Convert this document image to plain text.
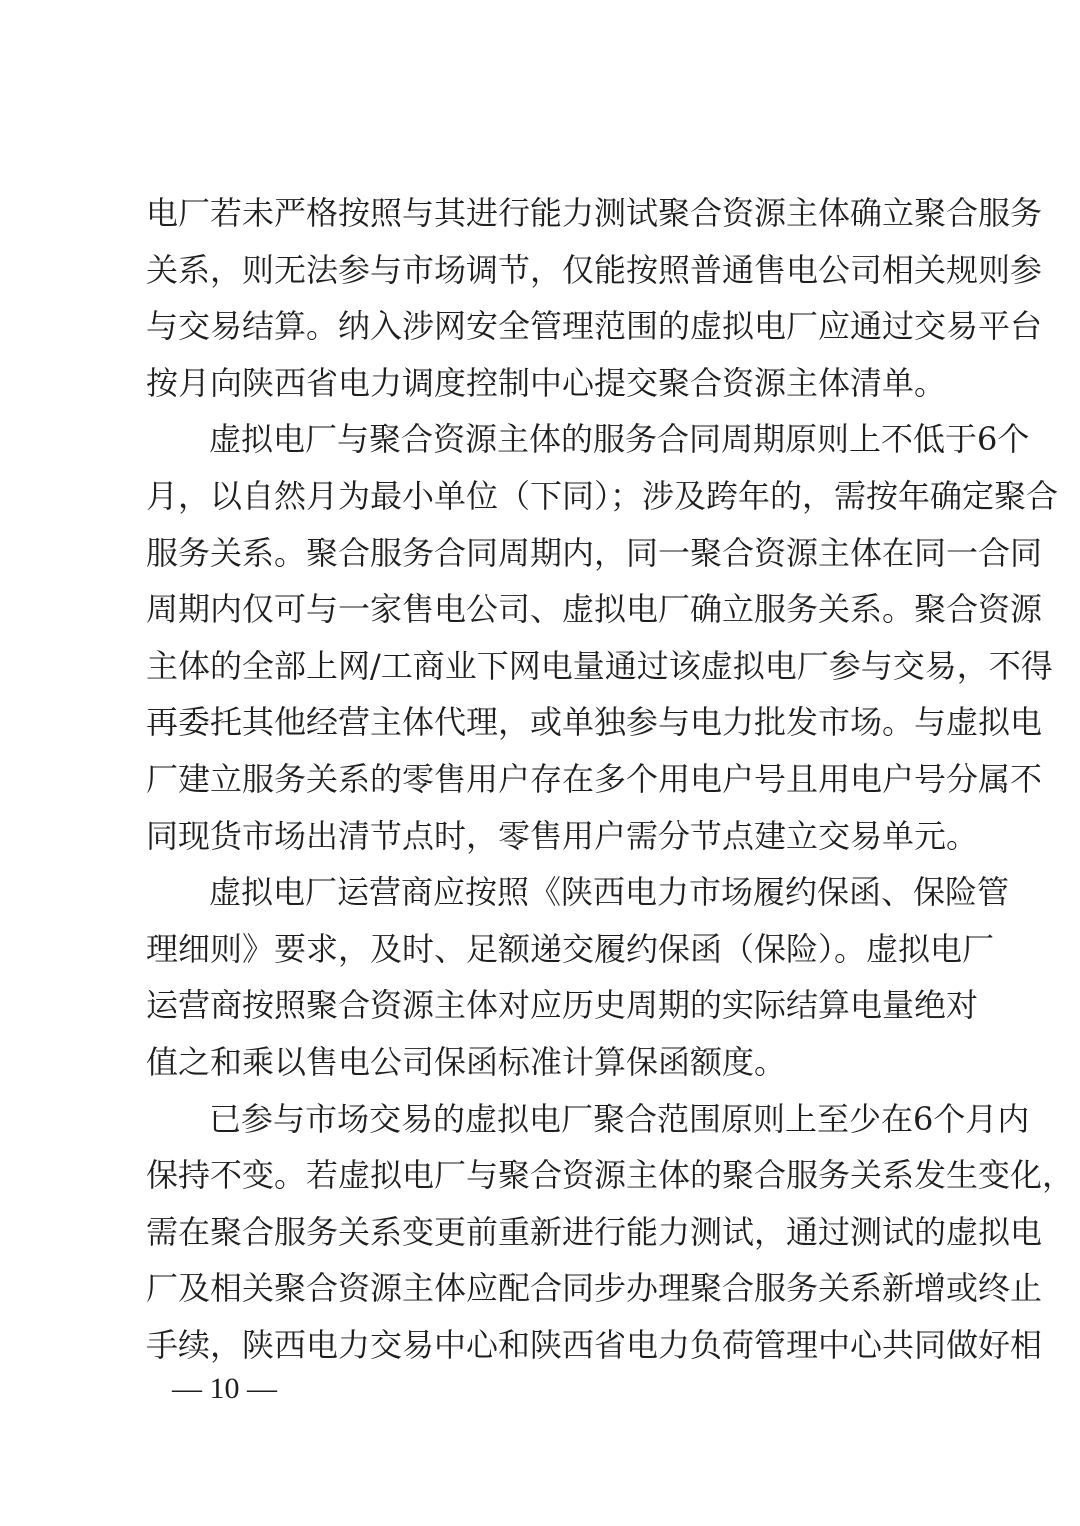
电厂若未严格按照与其进行能力测试聚合资源主体确立聚合服务
关系，则无法参与市场调节，仅能按照普通售电公司相关规则参
与交易结算。纳入涉网安全管理范围的虚拟电厂应通过交易平台
按月向陕西省电力调度控制中心提交聚合资源主体清单。
虚拟电厂与聚合资源主体的服务合同周期原则上不低于6个
月，以自然月为最小单位（下同）；涉及跨年的，需按年确定聚合
服务关系。聚合服务合同周期内，同一聚合资源主体在同一合同
周期内仅可与一家售电公司、虚拟电厂确立服务关系。聚合资源
主体的全部上网/工商业下网电量通过该虚拟电厂参与交易，不得
再委托其他经营主体代理，或单独参与电力批发市场。与虚拟电
厂建立服务关系的零售用户存在多个用电户号且用电户号分属不
同现货市场出清节点时，零售用户需分节点建立交易单元。
虚拟电厂运营商应按照《陕西电力市场履约保函、保险管
理细则》要求，及时、足额递交履约保函（保险）。虚拟电厂
运营商按照聚合资源主体对应历史周期的实际结算电量绝对
值之和乘以售电公司保函标准计算保函额度。
已参与市场交易的虚拟电厂聚合范围原则上至少在6个月内
保持不变。若虚拟电厂与聚合资源主体的聚合服务关系发生变化，
需在聚合服务关系变更前重新进行能力测试，通过测试的虚拟电
厂及相关聚合资源主体应配合同步办理聚合服务关系新增或终止
手续，陕西电力交易中心和陕西省电力负荷管理中心共同做好相
— 10 —
